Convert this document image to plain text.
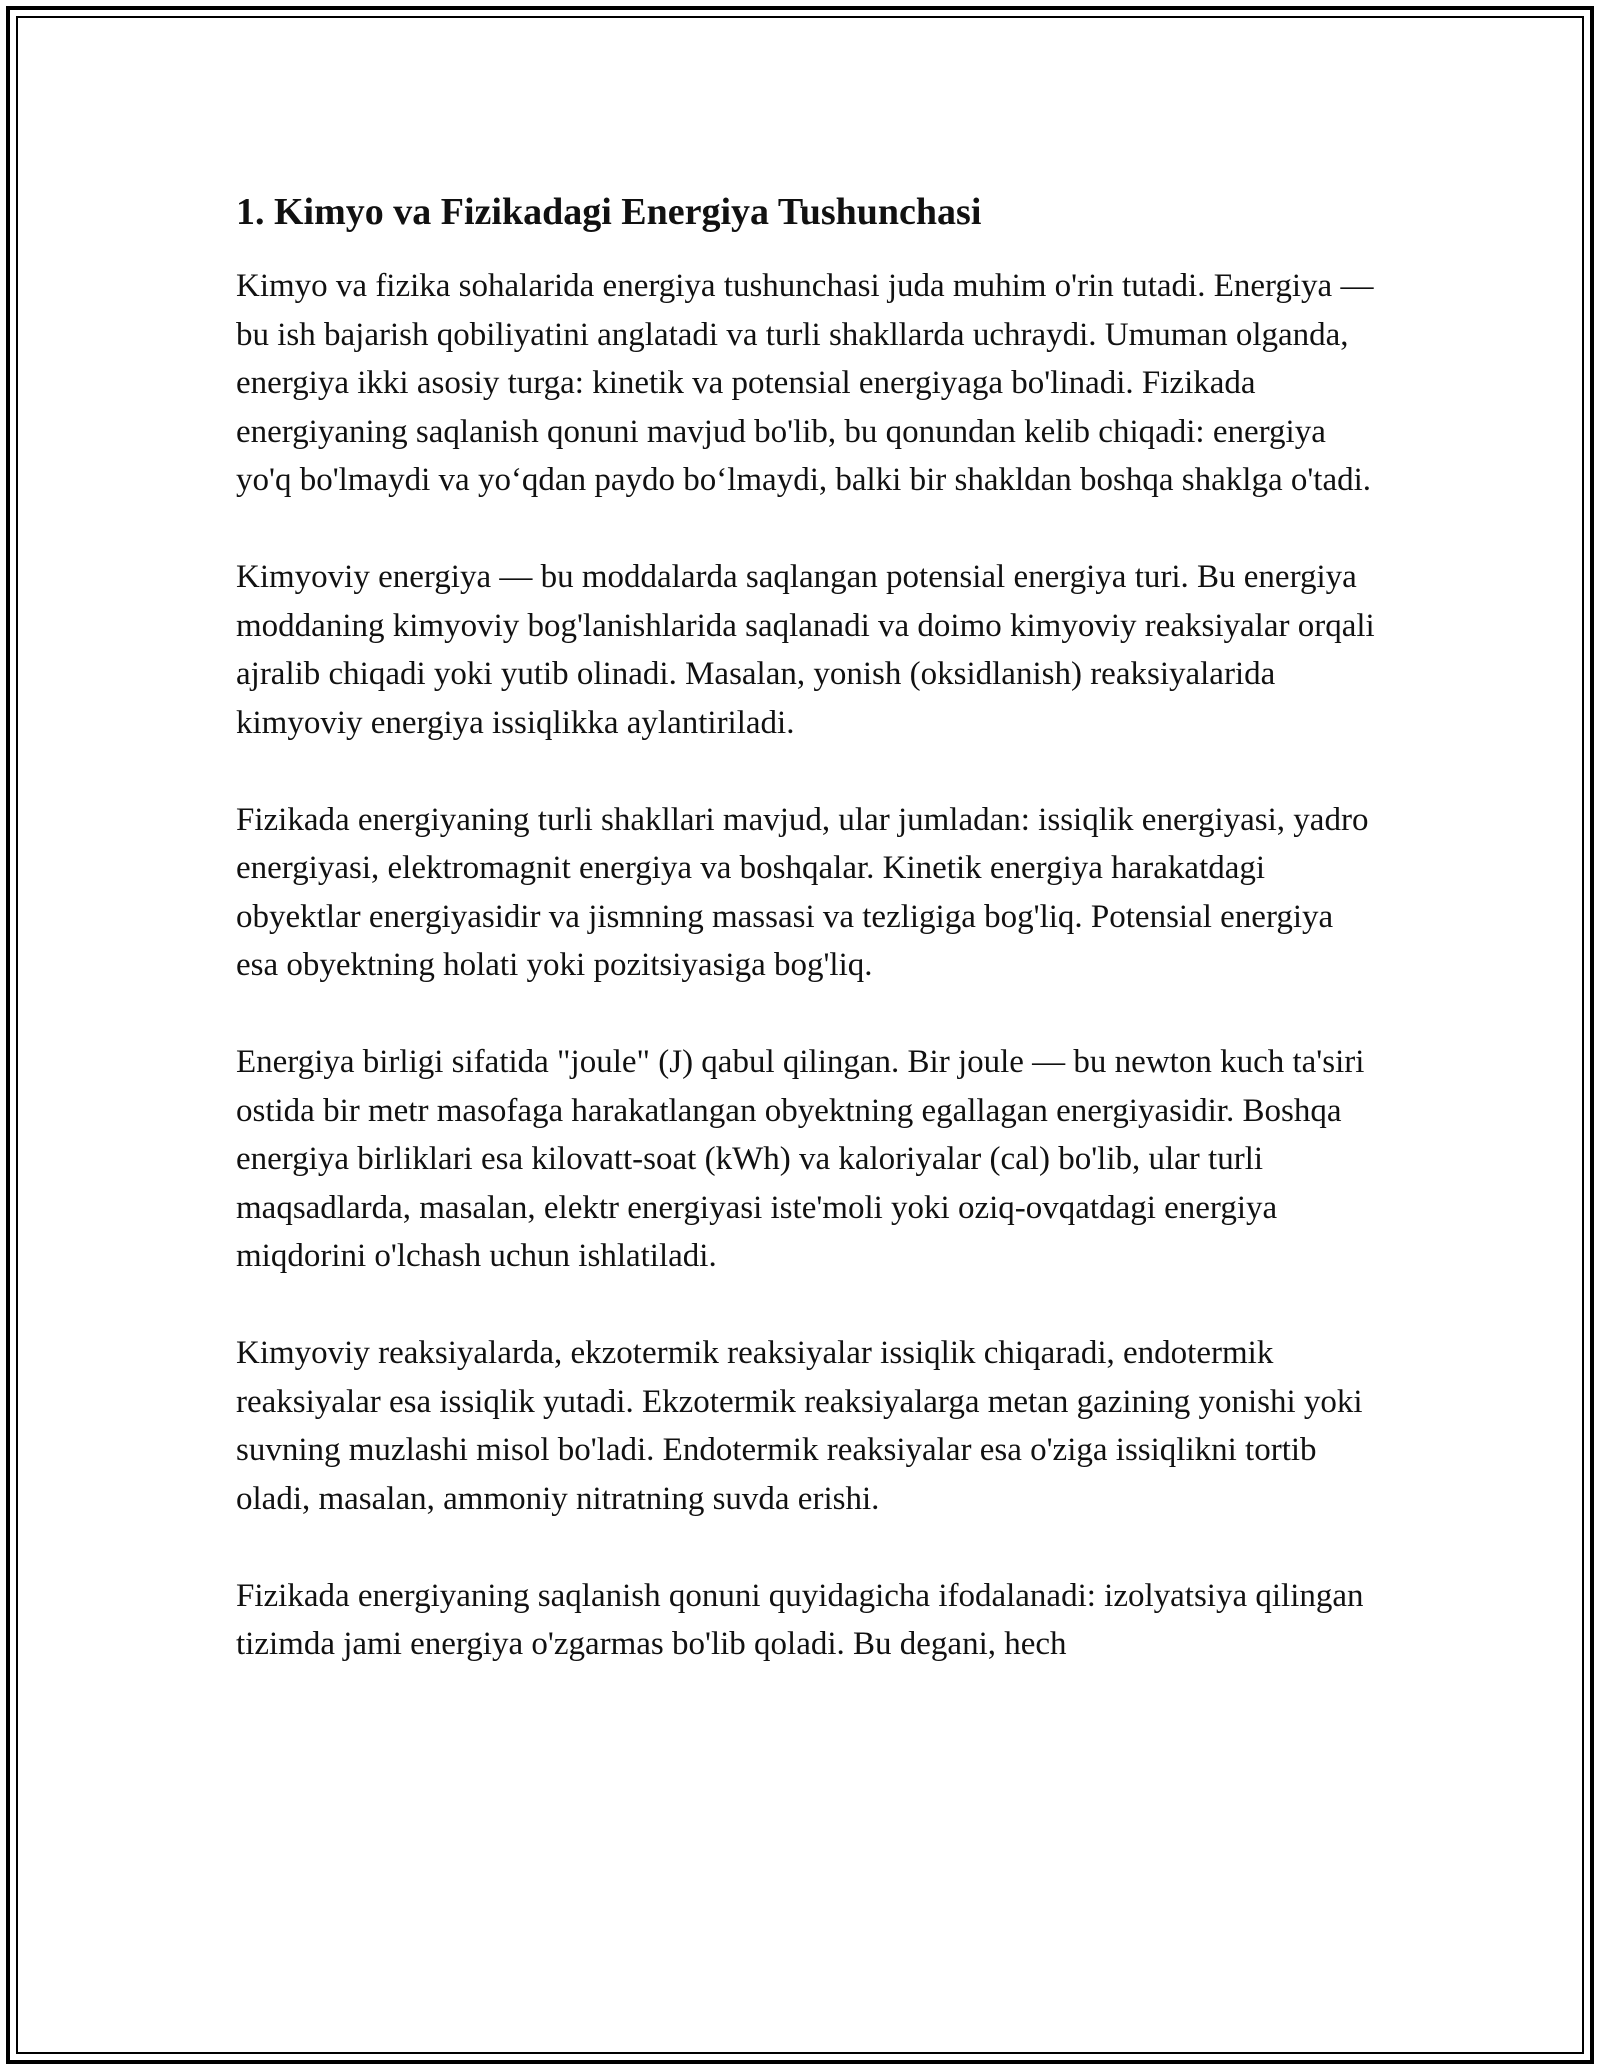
1. Kimyo va Fizikadagi Energiya Tushunchasi

Kimyo va fizika sohalarida energiya tushunchasi juda muhim o'rin tutadi. Energiya — bu ish bajarish qobiliyatini anglatadi va turli shakllarda uchraydi. Umuman olganda, energiya ikki asosiy turga: kinetik va potensial energiyaga bo'linadi. Fizikada energiyaning saqlanish qonuni mavjud bo'lib, bu qonundan kelib chiqadi: energiya yo'q bo'lmaydi va yo‘qdan paydo bo‘lmaydi, balki bir shakldan boshqa shaklga o'tadi.

Kimyoviy energiya — bu moddalarda saqlangan potensial energiya turi. Bu energiya moddaning kimyoviy bog'lanishlarida saqlanadi va doimo kimyoviy reaksiyalar orqali ajralib chiqadi yoki yutib olinadi. Masalan, yonish (oksidlanish) reaksiyalarida kimyoviy energiya issiqlikka aylantiriladi.

Fizikada energiyaning turli shakllari mavjud, ular jumladan: issiqlik energiyasi, yadro energiyasi, elektromagnit energiya va boshqalar. Kinetik energiya harakatdagi obyektlar energiyasidir va jismning massasi va tezligiga bog'liq. Potensial energiya esa obyektning holati yoki pozitsiyasiga bog'liq.

Energiya birligi sifatida "joule" (J) qabul qilingan. Bir joule — bu newton kuch ta'siri ostida bir metr masofaga harakatlangan obyektning egallagan energiyasidir. Boshqa energiya birliklari esa kilovatt-soat (kWh) va kaloriyalar (cal) bo'lib, ular turli maqsadlarda, masalan, elektr energiyasi iste'moli yoki oziq-ovqatdagi energiya miqdorini o'lchash uchun ishlatiladi.

Kimyoviy reaksiyalarda, ekzotermik reaksiyalar issiqlik chiqaradi, endotermik reaksiyalar esa issiqlik yutadi. Ekzotermik reaksiyalarga metan gazining yonishi yoki suvning muzlashi misol bo'ladi. Endotermik reaksiyalar esa o'ziga issiqlikni tortib oladi, masalan, ammoniy nitratning suvda erishi.

Fizikada energiyaning saqlanish qonuni quyidagicha ifodalanadi: izolyatsiya qilingan tizimda jami energiya o'zgarmas bo'lib qoladi. Bu degani, hech
